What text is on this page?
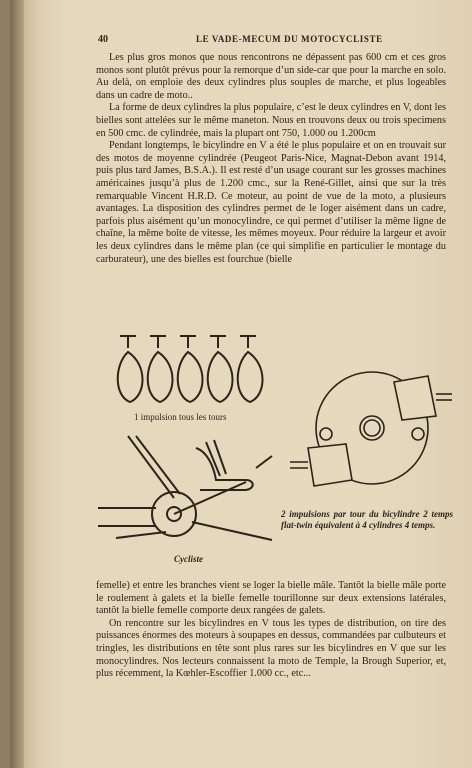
40	LE VADE-MECUM DU MOTOCYCLISTE

Les plus gros monos que nous rencontrons ne dépassent pas 600 cm et ces gros monos sont plutôt prévus pour la remorque d’un side-car que pour la marche en solo. Au delà, on emploie des deux cylindres plus souples de marche, et plus logeables dans un cadre de moto..

La forme de deux cylindres la plus populaire, c’est le deux cylindres en V, dont les bielles sont attelées sur le même maneton. Nous en trouvons deux ou trois specimens en 500 cmc. de cylindrée, mais la plupart ont 750, 1.000 ou 1.200cm

Pendant longtemps, le bicylindre en V a été le plus populaire et on en trouvait sur des motos de moyenne cylindrée (Peugeot Paris-Nice, Magnat-Debon avant 1914, puis plus tard James, B.S.A.). Il est resté d’un usage courant sur les grosses machines américaines jusqu’à plus de 1.200 cmc., sur la René-Gillet, ainsi que sur la très remarquable Vincent H.R.D. Ce moteur, au point de vue de la moto, a plusieurs avantages. La disposition des cylindres permet de le loger aisément dans un cadre, parfois plus aisément qu’un monocylindre, ce qui permet d’utiliser la même ligne de chaîne, la même boîte de vitesse, les mêmes moyeux. Pour réduire la largeur et avoir les deux cylindres dans le même plan (ce qui simplifie en particulier le montage du carburateur), une des bielles est fourchue (bielle

1 impulsion tous les tours
2 impulsions par tour du bicylindre 2 temps flat-twin équivalent à 4 cylindres 4 temps.
Cycliste

femelle) et entre les branches vient se loger la bielle mâle. Tantôt la bielle mâle porte le roulement à galets et la bielle femelle tourillonne sur deux extensions latérales, tantôt la bielle femelle comporte deux rangées de galets.

On rencontre sur les bicylindres en V tous les types de distribution, on tire des puissances énormes des moteurs à soupapes en dessus, commandées par culbuteurs et tringles, les distributions en tête sont plus rares sur les bicylindres en V que sur les monocylindres. Nos lecteurs connaissent la moto de Temple, la Brough Superior, et, plus récemment, la Kœhler-Escoffier 1.000 cc., etc...
